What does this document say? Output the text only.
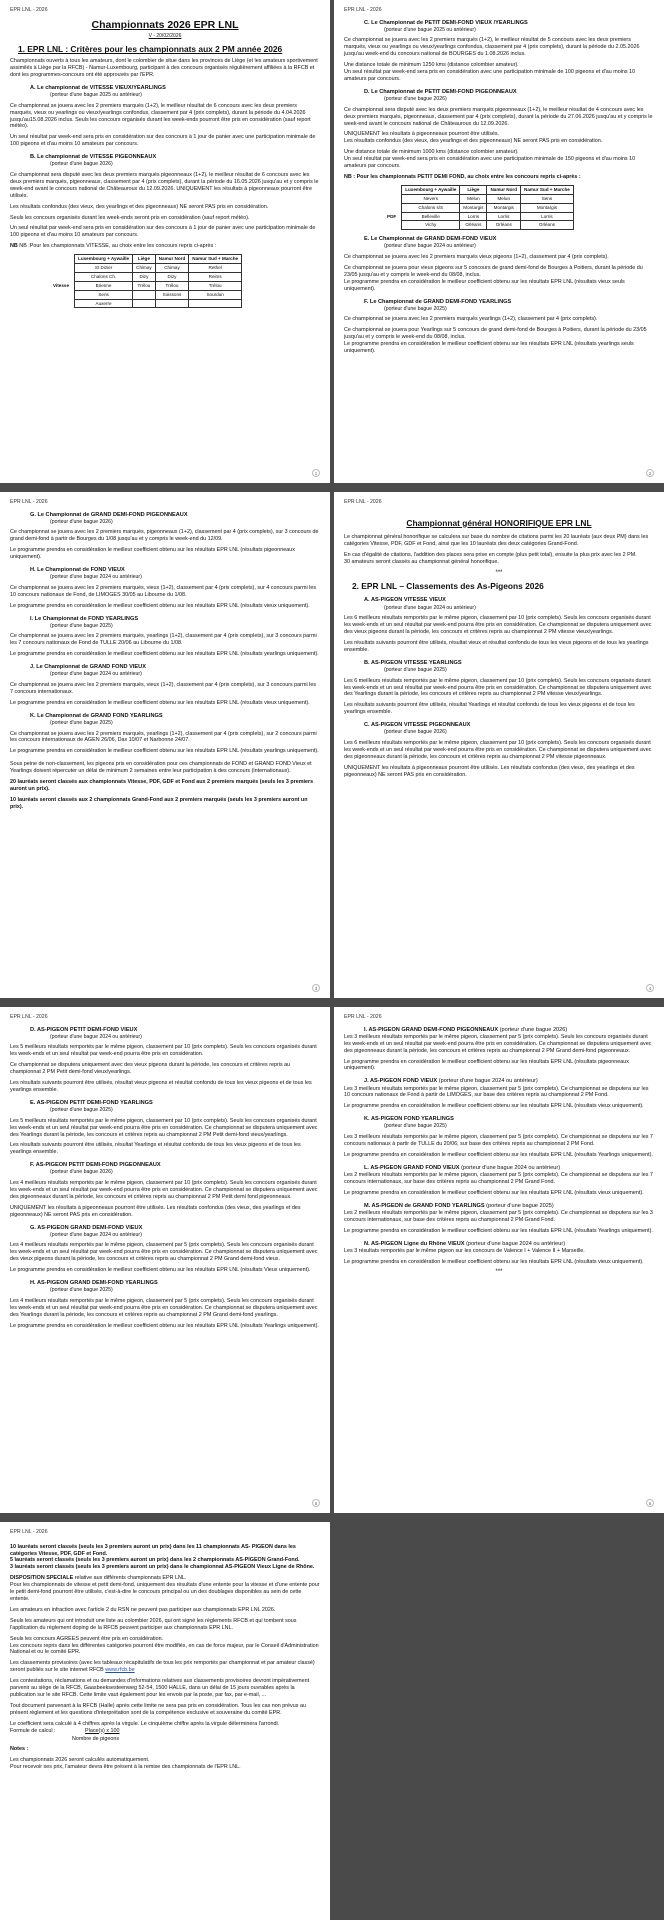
EPR LNL - 2026
Championnats 2026 EPR LNL
V - 20/02/2026
1. EPR LNL : Critères pour les championnats aux 2 PM année 2026
Championnats ouverts à tous les amateurs, dont le colombier de situe dans les provinces de Liège (et les amateurs sportivement assimilés à Liège par la RFCB) - Namur-Luxembourg, participant à des concours organisés régulièrement affiliées à la RFCB et dont les programmes-concours ont été approuvés par l'EPR.
A. Le championnat de VITESSE VIEUX/YEARLINGS
(porteur d'une bague 2025 ou antérieur)
Ce championnat se jouera avec les 2 premiers marqués (1+2), le meilleur résultat de 6 concours avec les deux premiers marqués, vieux ou yearlings ou vieux/yearlings confondus, classement par 4 (prix complets), durant la période du 4.04.2026 jusqu'au15.08.2026 inclus. Seuls les concours organisés durant les week-ends pourront être pris en considération (sauf report météo).
Un seul résultat par week-end sera pris en considération sur des concours à 1 jour de panier avec une participation minimale de 100 pigeons et d'au moins 10 amateurs par concours.
B. Le championnat de VITESSE PIGEONNEAUX
(porteur d'une bague 2026)
Ce championnat sera disputé avec les deux premiers marqués pigeonneaux (1+2), le meilleur résultat de 6 concours avec les deux premiers marqués, pigeonneaux, classement par 4 (prix complets), durant la période du 16.05.2026 jusqu'au et y compris le week-end avant le concours national de Châteauroux du 12.09.2026. UNIQUEMENT les résultats à pigeonneaux pourront être utilisés.
Les résultats confondus (des vieux, des yearlings et des pigeonneaux) NE seront PAS pris en considération.
Seuls les concours organisés durant les week-ends seront pris en considération (sauf report météo).
Un seul résultat par week-end sera pris en considération sur des concours à 1 jour de panier avec une participation minimale de 100 pigeons et d'au moins 10 amateurs par concours.
NB NB :Pour les championnats VITESSE, au choix entre les concours repris ci-après :
	Luxembourg + Aywaille	Liège	Namur Nord	Namur Sud + Marche
	St Dizier	Chimay	Chimay	Rethel
	Chalons Ch.	Dizy	Dizy	Reims
Vitesse	Brienne	Trélou	Trélou	Trélou
	Sens		Soissons	Sourdun
	Auxerre			
1
EPR LNL - 2026
C. Le Championnat de PETIT DEMI-FOND VIEUX /YEARLINGS
(porteur d'une bague 2025 ou antérieur)
Ce championnat se jouera avec les 2 premiers marqués (1+2), le meilleur résultat de 5 concours avec les deux premiers marqués, vieux ou yearlings ou vieux/yearlings confondus, classement par 4 (prix complets), durant la période du 2.05.2026 jusqu'au week-end du concours national de BOURGES du 1.08.2026 inclus.
Une distance totale de minimum 1250 kms (distance colombier amateur).
Un seul résultat par week-end sera pris en considération avec une participation minimale de 100 pigeons et d'au moins 10 amateurs par concours.
D. Le Championnat de PETIT DEMI-FOND PIGEONNEAUX
(porteur d'une bague 2026)
Ce championnat sera disputé avec les deux premiers marqués pigeonneaux (1+2), le meilleur résultat de 4 concours avec les deux premiers marqués, pigeonneaux, classement par 4 (prix complets), durant la période du 27.06.2026 jusqu'au et y compris le week-end avant le concours national de Châteauroux du 12.09.2026.
UNIQUEMENT les résultats à pigeonneaux pourront être utilisés.
Les résultats confondus (des vieux, des yearlings et des pigeonneaux) NE seront PAS pris en considération.
Une distance totale de minimum 1000 kms (distance colombier amateur).
Un seul résultat par week-end sera pris en considération avec une participation minimale de 150 pigeons et d'au moins 10 amateurs par concours.
NB : Pour les championnats PETIT DEMI FOND, au choix entre les concours repris ci-après :
	Luxembourg + Aywaille	Liège	Namur Nord	Namur Sud + Marche
	Nevers	Melun	Melun	Sens
	Chalons s/S	Montargis	Montargis	Montargis
PDF	Belleville	Lorris	Lorris	Lorris
	Vichy	Orléans	Orléans	Orléans
E. Le Championnat de GRAND DEMI-FOND VIEUX
(porteur d'une bague 2024 ou antérieur)
Ce championnat se jouera avec les 2 premiers marqués vieux pigeons (1+2), classement par 4 (prix complets).
Ce championnat se jouera pour vieux pigeons sur 5 concours de grand demi-fond de Bourges à Poitiers, durant la période du 23/05 jusqu'au et y compris le week-end du 08/08, inclus.
Le programme prendra en considération le meilleur coefficient obtenu sur les résultats EPR LNL (résultats vieux seuls uniquement).
F. Le Championnat de GRAND DEMI-FOND YEARLINGS
(porteur d'une bague 2025)
Ce championnat se jouera avec les 2 premiers marqués yearlings (1+2), classement par 4 (prix complets).
Ce championnat se jouera pour Yearlings sur 5 concours de grand demi-fond de Bourges à Poitiers, durant la période du 23/05 jusqu'au et y compris le week-end du 08/08, inclus.
Le programme prendra en considération le meilleur coefficient obtenu sur les résultats EPR LNL (résultats yearlings seuls uniquement).
2
EPR LNL - 2026
G. Le Championnat de GRAND DEMI-FOND PIGEONNEAUX
(porteur d'une bague 2026)
Ce championnat se jouera avec les 2 premiers marqués, pigeonneaux (1+2), classement par 4 (prix complets), sur 3 concours de grand demi-fond à partir de Bourges du 1/08 jusqu'au et y compris le week-end du 12/09.
Le programme prendra en considération le meilleur coefficient obtenu sur les résultats EPR LNL (résultats pigeonneaux uniquement).
H. Le Championnat de FOND VIEUX
(porteur d'une bague 2024 ou antérieur)
Ce championnat se jouera avec les 2 premiers marqués, vieux (1+2), classement par 4 (prix complets), sur 4 concours parmi les 10 concours nationaux de Fond, de LIMOGES 30/05 au Libourne du 1/08.
Le programme prendra en considération le meilleur coefficient obtenu sur les résultats EPR LNL (résultats vieux uniquement).
I. Le Championnat de FOND YEARLINGS
(porteur d'une bague 2025)
Ce championnat se jouera avec les 2 premiers marqués, yearlings (1+2), classement par 4 (prix complets), sur 3 concours parmi les 7 concours nationaux de Fond de TULLE 20/06 au Libourne du 1/08.
Le programme prendra en considération le meilleur coefficient obtenu sur les résultats EPR LNL (résultats yearlings uniquement).
J. Le Championnat de GRAND FOND VIEUX
(porteur d'une bague 2024 ou antérieur)
Ce championnat se jouera avec les 2 premiers marqués, vieux (1+2), classement par 4 (prix complets), sur 3 concours parmi les 7 concours internationaux.
Le programme prendra en considération le meilleur coefficient obtenu sur les résultats EPR LNL (résultats vieux uniquement).
K. Le Championnat de GRAND FOND YEARLINGS
(porteur d'une bague 2025)
Ce championnat se jouera avec les 2 premiers marqués, yearlings (1+2), classement par 4 (prix complets), sur 2 concours parmi les concours internationaux de AGEN 26/06, Dax 10/07 et Narbonne 24/07.
Le programme prendra en considération le meilleur coefficient obtenu sur les résultats EPR LNL (résultats yearlings uniquement).
Sous peine de non-classement, les pigeons pris en considération pour ces championnats de FOND et GRAND FOND Vieux et Yearlings doivent répercuter un délai de minimum 2 semaines entre leur participation à des concours (internationaux).
20 lauréats seront classés aux championnats Vitesse, PDF, GDF et Fond aux 2 premiers marqués (seuls les 3 premiers auront un prix).
10 lauréats seront classés aux 2 championnats Grand-Fond aux 2 premiers marqués (seuls les 3 premiers auront un prix).
3
EPR LNL - 2026
Championnat général HONORIFIQUE EPR LNL
Le championnat général honorifique se calculera sur base du nombre de citations parmi les 20 lauréats (aux deux PM) dans les catégories Vitesse, PDF, GDF et Fond, ainsi que les 10 lauréats des deux catégories Grand-Fond.
En cas d'égalité de citations, l'addition des places sera prise en compte (plus petit total), ensuite la plus prix avec les 2 PM.
30 amateurs seront classés au championnat général honorifique.
***
2. EPR LNL – Classements des As-Pigeons 2026
A. AS-PIGEON VITESSE VIEUX
(porteur d'une bague 2024 ou antérieur)
Les 6 meilleurs résultats remportés par le même pigeon, classement par 10 (prix complets). Seuls les concours organisés durant les week-ends et un seul résultat par week-end pourra être pris en considération. Ce championnat se disputera uniquement avec des vieux pigeons durant la période, les concours et critères repris au championnat 2 PM vitesse vieux/yearlings.
Les résultats suivants pourront être utilisés, résultat vieux et résultat confondu de tous les vieux pigeons et de tous les yearlings ensemble.
B. AS-PIGEON VITESSE YEARLINGS
(porteur d'une bague 2025)
Les 6 meilleurs résultats remportés par le même pigeon, classement par 10 (prix complets). Seuls les concours organisés durant les week-ends et un seul résultat par week-end pourra être pris en considération. Ce championnat se disputera uniquement avec des Yearlings durant la période, les concours et critères repris au championnat 2 PM vitesse vieux/yearlings.
Les résultats suivants pourront être utilisés, résultat Yearlings et résultat confondu de tous les vieux pigeons et de tous les yearlings ensemble.
C. AS-PIGEON VITESSE PIGEONNEAUX
(porteur d'une bague 2026)
Les 6 meilleurs résultats remportés par le même pigeon, classement par 10 (prix complets). Seuls les concours organisés durant les week-ends et un seul résultat par week-end pourra être pris en considération. Ce championnat se disputera uniquement avec des pigeonneaux durant la période, les concours et critères repris au championnat 2 PM vitesse pigeonneaux.
UNIQUEMENT les résultats à pigeonneaux pourront être utilisés. Les résultats confondus (des vieux, des yearlings et des pigeonneaux) NE seront PAS pris en considération.
4
EPR LNL - 2026
D. AS-PIGEON PETIT DEMI-FOND VIEUX
(porteur d'une bague 2024 ou antérieur)
Les 5 meilleurs résultats remportés par le même pigeon, classement par 10 (prix complets). Seuls les concours organisés durant les week-ends et un seul résultat par week-end pourra être pris en considération.
Ce championnat se disputera uniquement avec des vieux pigeons durant la période, les concours et critères repris au championnat 2 PM Petit demi-fond vieux/yearlings.
Les résultats suivants pourront être utilisés, résultat vieux pigeons et résultat confondu de tous les vieux pigeons et de tous les yearlings ensemble.
E. AS-PIGEON PETIT DEMI-FOND YEARLINGS
(porteur d'une bague 2025)
Les 5 meilleurs résultats remportés par le même pigeon, classement par 10 (prix complets). Seuls les concours organisés durant les week-ends et un seul résultat par week-end pourra être pris en considération. Ce championnat se disputera uniquement avec des Yearlings durant la période, les concours et critères repris au championnat 2 PM Petit demi-fond vieux/yearlings.
Les résultats suivants pourront être utilisés, résultat Yearlings et résultat confondu de tous les vieux pigeons et de tous les yearlings ensemble.
F. AS-PIGEON PETIT DEMI-FOND PIGEONNEAUX
(porteur d'une bague 2026)
Les 4 meilleurs résultats remportés par le même pigeon, classement par 10 (prix complets). Seuls les concours organisés durant les week-ends et un seul résultat par week-end pourra être pris en considération. Ce championnat se disputera uniquement avec des pigeonneaux durant la période, les concours et critères repris au championnat 2 PM Petit demi fond pigeonneaux.
UNIQUEMENT les résultats à pigeonneaux pourront être utilisés. Les résultats confondus (des vieux, des yearlings et des pigeonneaux) NE seront PAS pris en considération.
G. AS-PIGEON GRAND DEMI-FOND VIEUX
(porteur d'une bague 2024 ou antérieur)
Les 4 meilleurs résultats remportés par le même pigeon, classement par 5 (prix complets). Seuls les concours organisés durant les week-ends et un seul résultat par week-end pourra être pris en considération. Ce championnat se disputera uniquement avec des vieux pigeons durant la période, les concours et critères repris au championnat 2 PM Grand demi-fond vieux.
Le programme prendra en considération le meilleur coefficient obtenu sur les résultats EPR LNL (résultats Vieux uniquement).
H. AS-PIGEON GRAND DEMI-FOND YEARLINGS
(porteur d'une bague 2025)
Les 4 meilleurs résultats remportés par le même pigeon, classement par 5 (prix complets). Seuls les concours organisés durant les week-ends et un seul résultat par week-end pourra être pris en considération. Ce championnat se disputera uniquement avec des Yearlings durant la période, les concours et critères repris au championnat 2 PM Grand demi-fond yearlings.
Le programme prendra en considération le meilleur coefficient obtenu sur les résultats EPR LNL (résultats Yearlings uniquement).
5
EPR LNL - 2026
I. AS-PIGEON GRAND DEMI-FOND PIGEONNEAUX (porteur d'une bague 2026)
Les 3 meilleurs résultats remportés par le même pigeon, classement par 5 (prix complets). Seuls les concours organisés durant les week-ends et un seul résultat par week-end pourra être pris en considération. Ce championnat se disputera uniquement avec des pigeonneaux durant la période, les concours et critères repris au championnat 2 PM Grand demi-fond pigeonneaux.
Le programme prendra en considération le meilleur coefficient obtenu sur les résultats EPR LNL (résultats pigeonneaux uniquement).
J. AS-PIGEON FOND VIEUX (porteur d'une bague 2024 ou antérieur)
Les 3 meilleurs résultats remportés par le même pigeon, classement par 5 (prix complets). Ce championnat se disputera sur les 10 concours nationaux de Fond à partir de LIMOGES, sur base des critères repris au championnat 2 PM Fond.
Le programme prendra en considération le meilleur coefficient obtenu sur les résultats EPR LNL (résultats vieux uniquement).
K. AS-PIGEON FOND YEARLINGS
(porteur d'une bague 2025)
Les 3 meilleurs résultats remportés par le même pigeon, classement par 5 (prix complets). Ce championnat se disputera sur les 7 concours nationaux à partir de TULLE du 20/06, sur base des critères repris au championnat 2 PM Fond.
Le programme prendra en considération le meilleur coefficient obtenu sur les résultats EPR LNL (résultats Yearlings uniquement).
L. AS-PIGEON GRAND FOND VIEUX (porteur d'une bague 2024 ou antérieur)
Les 2 meilleurs résultats remportés par le même pigeon, classement par 5 (prix complets). Ce championnat se disputera sur les 7 concours internationaux, sur base des critères repris au championnat 2 PM Grand Fond.
Le programme prendra en considération le meilleur coefficient obtenu sur les résultats EPR LNL (résultats vieux uniquement).
M. AS-PIGEON de GRAND FOND YEARLINGS (porteur d'une bague 2025)
Les 2 meilleurs résultats remportés par le même pigeon, classement par 5 (prix complets). Ce championnat se disputera sur les 3 concours internationaux, sur base des critères repris au championnat 2 PM Grand Fond.
Le programme prendra en considération le meilleur coefficient obtenu sur les résultats EPR LNL (résultats Yearlings uniquement).
N. AS-PIGEON Ligne du Rhône VIEUX (porteur d'une bague 2024 ou antérieur)
Les 3 résultats remportés par le même pigeon sur les concours de Valence I + Valence II + Marseille.
Le programme prendra en considération le meilleur coefficient obtenu sur les résultats EPR LNL (résultats vieux uniquement).
***
6
EPR LNL - 2026
10 lauréats seront classés (seuls les 3 premiers auront un prix) dans les 11 championnats AS- PIGEON dans les catégories Vitesse, PDF, GDF et Fond.
5 lauréats seront classés (seuls les 3 premiers auront un prix) dans les 2 championnats AS-PIGEON Grand-Fond.
3 lauréats seront classés (seuls les 3 premiers auront un prix) dans le championnat AS-PIGEON Vieux Ligne de Rhône.
DISPOSITION SPECIALE relative aux différents championnats EPR LNL.
Pour les championnats de vitesse et petit demi-fond, uniquement des résultats d'une entente pour la vitesse et d'une entente pour le petit demi-fond pourront être utilisés, c'est-à-dire le concours principal ou un des doublages disponibles au sein de cette entente.
Les amateurs en infraction avec l'article 2 du RSN ne peuvent pas participer aux championnats EPR LNL 2026.
Seuls les amateurs qui ont introduit une liste au colombier 2026, qui ont signé les règlements RFCB et qui tombent sous l'application du règlement doping de la RFCB peuvent participer aux championnats EPR LNL.
Seuls les concours AGREES peuvent être pris en considération.
Les concours repris dans les différentes catégories pourront être modifiés, en cas de force majeur, par le Conseil d'Administration National et ou le comité EPR.
Les classements provisoires (avec les tableaux récapitulatifs de tous les prix remportés par championnat et par amateur classé) seront publiés sur le site internet RFCB www.rfcb.be
Les contestations, réclamations et ou demandes d'informations relatives aux classements provisoires devront impérativement parvenir au siège de la RFCB, Gaasbeeksesteenweg 52-54, 1500 HALLE, dans un délai de 15 jours ouvrables après la publication sur le site RFCB. Cette limite vaut également pour les envois par la poste, par fax, par e-mail, ...
Tout document parvenant à la RFCB (Halle) après cette limite ne sera pas pris en considération. Tous les cas non prévus au présent règlement et les questions d'interprétation sont de la compétence exclusive et souveraine du comité EPR.
Le coefficient sera calculé à 4 chiffres après la virgule. Le cinquième chiffre après la virgule déterminera l'arrondi.
Formule de calcul :	Place(s) x 100
Nombre de pigeons
Notes :
Les championnats 2026 seront calculés automatiquement.
Pour recevoir ses prix, l'amateur devra être présent à la remise des championnats de l'EPR LNL.
